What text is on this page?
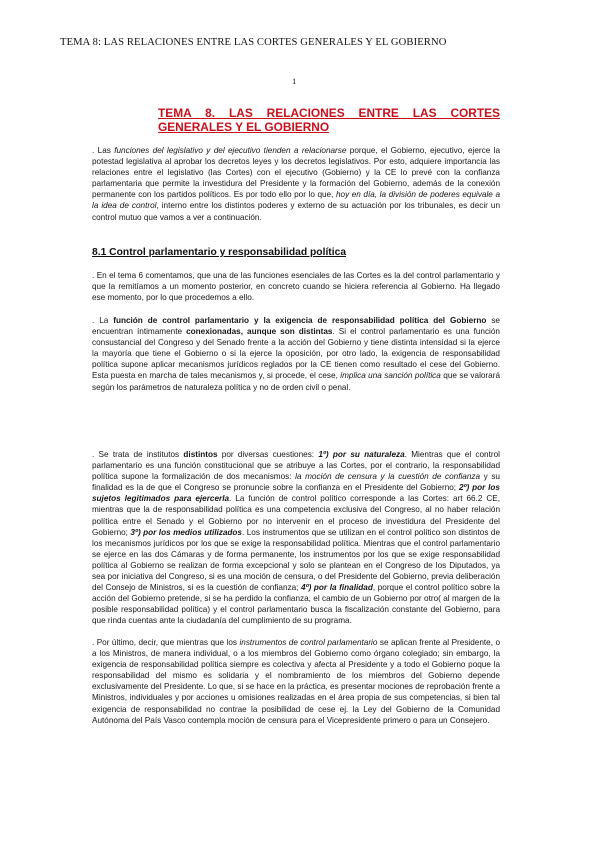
TEMA 8: LAS RELACIONES ENTRE LAS CORTES GENERALES Y EL GOBIERNO
1
TEMA 8. LAS RELACIONES ENTRE LAS CORTES GENERALES Y EL GOBIERNO

. Las funciones del legislativo y del ejecutivo tienden a relacionarse porque, el Gobierno, ejecutivo, ejerce la potestad legislativa al aprobar los decretos leyes y los decretos legislativos. Por esto, adquiere importancia las relaciones entre el legislativo (las Cortes) con el ejecutivo (Gobierno) y la CE lo prevé con la confianza parlamentaria que permite la investidura del Presidente y la formación del Gobierno, además de la conexión permanente con los partidos políticos. Es por todo ello por lo que, hoy en día, la división de poderes equivale a la idea de control, interno entre los distintos poderes y externo de su actuación por los tribunales, es decir un control mutuo que vamos a ver a continuación.

8.1 Control parlamentario y responsabilidad política

. En el tema 6 comentamos, que una de las funciones esenciales de las Cortes es la del control parlamentario y que la remitíamos a un momento posterior, en concreto cuando se hiciera referencia al Gobierno. Ha llegado ese momento, por lo que procedemos a ello.

. La función de control parlamentario y la exigencia de responsabilidad política del Gobierno se encuentran íntimamente conexionadas, aunque son distintas. Si el control parlamentario es una función consustancial del Congreso y del Senado frente a la acción del Gobierno y tiene distinta intensidad si la ejerce la mayoría que tiene el Gobierno o si la ejerce la oposición, por otro lado, la exigencia de responsabilidad política supone aplicar mecanismos jurídicos reglados por la CE tienen como resultado el cese del Gobierno. Esta puesta en marcha de tales mecanismos y, si procede, el cese, implica una sanción política que se valorará según los parámetros de naturaleza política y no de orden civil o penal.

. Se trata de institutos distintos por diversas cuestiones: 1º) por su naturaleza. Mientras que el control parlamentario es una función constitucional que se atribuye a las Cortes, por el contrario, la responsabilidad política supone la formalización de dos mecanismos: la moción de censura y la cuestión de confianza y su finalidad es la de que el Congreso se pronuncie sobre la confianza en el Presidente del Gobierno; 2º) por los sujetos legitimados para ejercerla. La función de control político corresponde a las Cortes: art 66.2 CE, mientras que la de responsabilidad política es una competencia exclusiva del Congreso, al no haber relación política entre el Senado y el Gobierno por no intervenir en el proceso de investidura del Presidente del Gobierno; 3º) por los medios utilizados. Los instrumentos que se utilizan en el control político son distintos de los mecanismos jurídicos por los que se exige la responsabilidad política. Mientras que el control parlamentario se ejerce en las dos Cámaras y de forma permanente, los instrumentos por los que se exige responsabilidad política al Gobierno se realizan de forma excepcional y solo se plantean en el Congreso de los Diputados, ya sea por iniciativa del Congreso, si es una moción de censura, o del Presidente del Gobierno, previa deliberación del Consejo de Ministros, si es la cuestión de confianza; 4º) por la finalidad, porque el control político sobre la acción del Gobierno pretende, si se ha perdido la confianza, el cambio de un Gobierno por otro( al margen de la posible responsabilidad política) y el control parlamentario busca la fiscalización constante del Gobierno, para que rinda cuentas ante la ciudadanía del cumplimiento de su programa.

. Por último, decir, que mientras que los instrumentos de control parlamentario se aplican frente al Presidente, o a los Ministros, de manera individual, o a los miembros del Gobierno como órgano colegiado; sin embargo, la exigencia de responsabilidad política siempre es colectiva y afecta al Presidente y a todo el Gobierno poque la responsabilidad del mismo es solidaria y el nombramiento de los miembros del Gobierno depende exclusivamente del Presidente. Lo que, si se hace en la práctica, es presentar mociones de reprobación frente a Ministros, individuales y por acciones u omisiones realizadas en el área propia de sus competencias, si bien tal exigencia de responsabilidad no contrae la posibilidad de cese ej. la Ley del Gobierno de la Comunidad Autónoma del País Vasco contempla moción de censura para el Vicepresidente primero o para un Consejero.
